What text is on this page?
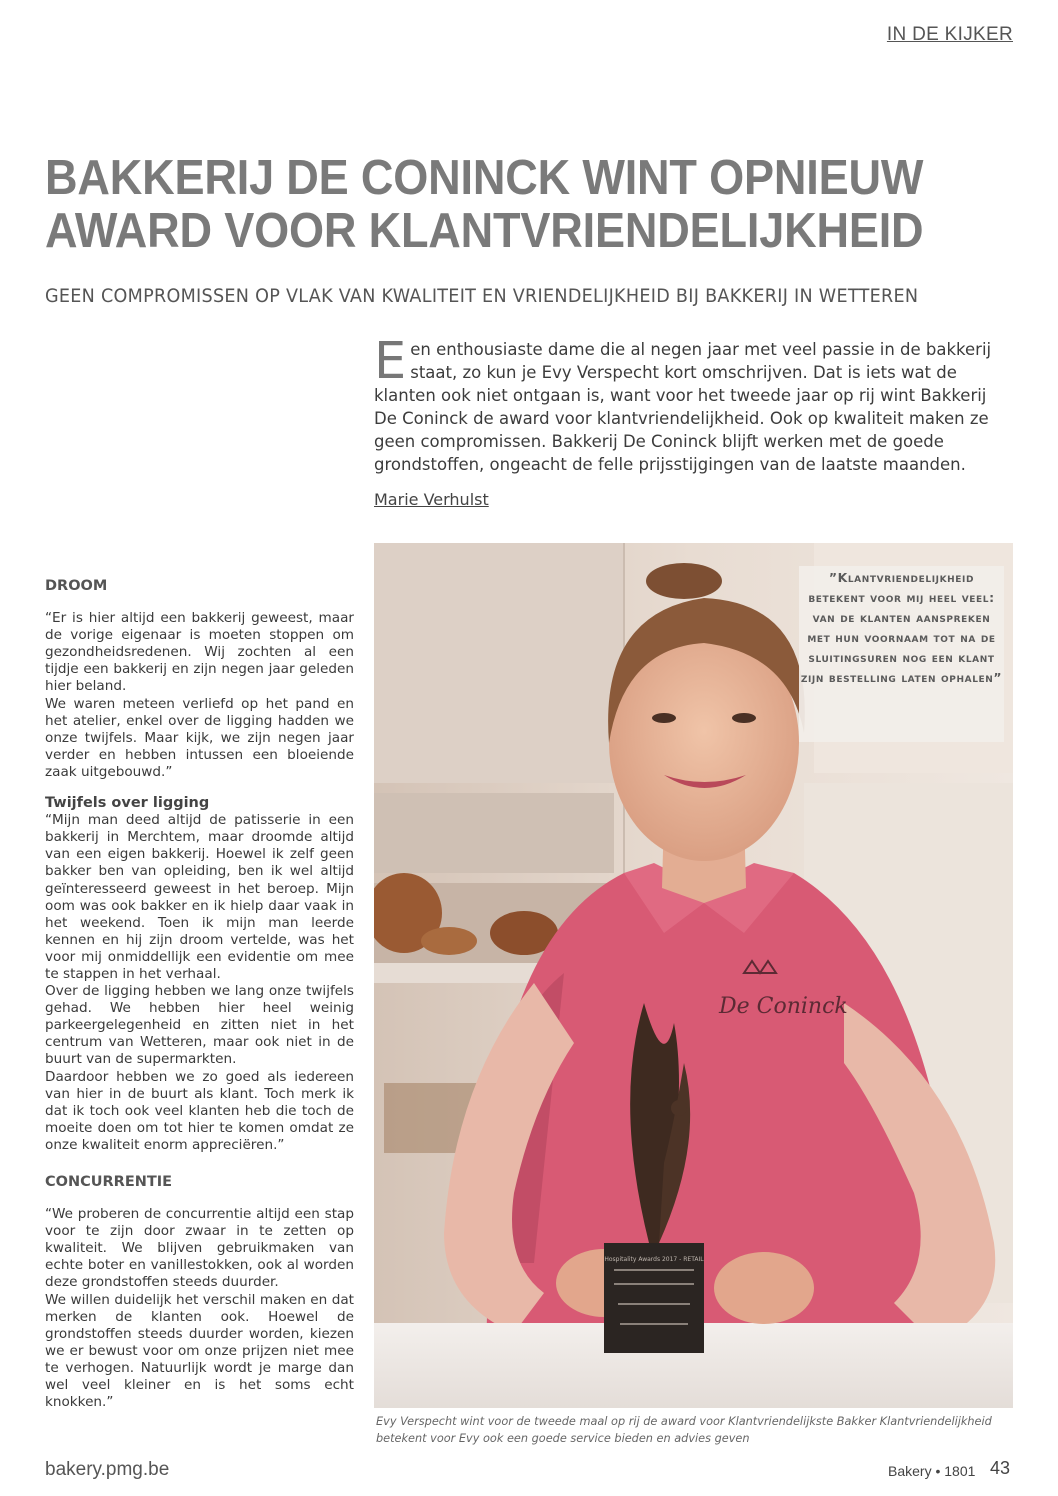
IN DE KIJKER
BAKKERIJ DE CONINCK WINT OPNIEUW
AWARD VOOR KLANTVRIENDELIJKHEID
GEEN COMPROMISSEN OP VLAK VAN KWALITEIT EN VRIENDELIJKHEID BIJ BAKKERIJ IN WETTEREN
Een enthousiaste dame die al negen jaar met veel passie in de bakkerij staat, zo kun je Evy Verspecht kort omschrijven. Dat is iets wat de klanten ook niet ontgaan is, want voor het tweede jaar op rij wint Bakkerij De Coninck de award voor klantvriendelijkheid. Ook op kwaliteit maken ze geen compromissen. Bakkerij De Coninck blijft werken met de goede grondstoffen, ongeacht de felle prijsstijgingen van de laatste maanden.
Marie Verhulst
DROOM

“Er is hier altijd een bakkerij geweest, maar de vorige eigenaar is moeten stoppen om gezondheidsredenen. Wij zochten al een tijdje een bakkerij en zijn negen jaar geleden hier beland.

We waren meteen verliefd op het pand en het atelier, enkel over de ligging hadden we onze twijfels. Maar kijk, we zijn negen jaar verder en hebben intussen een bloeiende zaak uitgebouwd.”

Twijfels over ligging

“Mijn man deed altijd de patisserie in een bakkerij in Merchtem, maar droomde altijd van een eigen bakkerij. Hoewel ik zelf geen bakker ben van opleiding, ben ik wel altijd geïnteresseerd geweest in het beroep. Mijn oom was ook bakker en ik hielp daar vaak in het weekend. Toen ik mijn man leerde kennen en hij zijn droom vertelde, was het voor mij onmiddellijk een evidentie om mee te stappen in het verhaal.

Over de ligging hebben we lang onze twijfels gehad. We hebben hier heel weinig parkeergelegenheid en zitten niet in het centrum van Wetteren, maar ook niet in de buurt van de supermarkten.

Daardoor hebben we zo goed als iedereen van hier in de buurt als klant. Toch merk ik dat ik toch ook veel klanten heb die toch de moeite doen om tot hier te komen omdat ze onze kwaliteit enorm appreciëren.”

CONCURRENTIE

“We proberen de concurrentie altijd een stap voor te zijn door zwaar in te zetten op kwaliteit. We blijven gebruikmaken van echte boter en vanillestokken, ook al worden deze grondstoffen steeds duurder.

We willen duidelijk het verschil maken en dat merken de klanten ook. Hoewel de grondstoffen steeds duurder worden, kiezen we er bewust voor om onze prijzen niet mee te verhogen. Natuurlijk wordt je marge dan wel veel kleiner en is het soms echt knokken.”

De Coninck
Hospitality Awards 2017 - RETAIL
”Klantvriendelijkheid betekent voor mij heel veel: van de klanten aanspreken met hun voornaam tot na de sluitingsuren nog een klant zijn bestelling laten ophalen”
Evy Verspecht wint voor de tweede maal op rij de award voor Klantvriendelijkste Bakker Klantvriendelijkheid betekent voor Evy ook een goede service bieden en advies geven
bakery.pmg.be	Bakery • 1801 43
